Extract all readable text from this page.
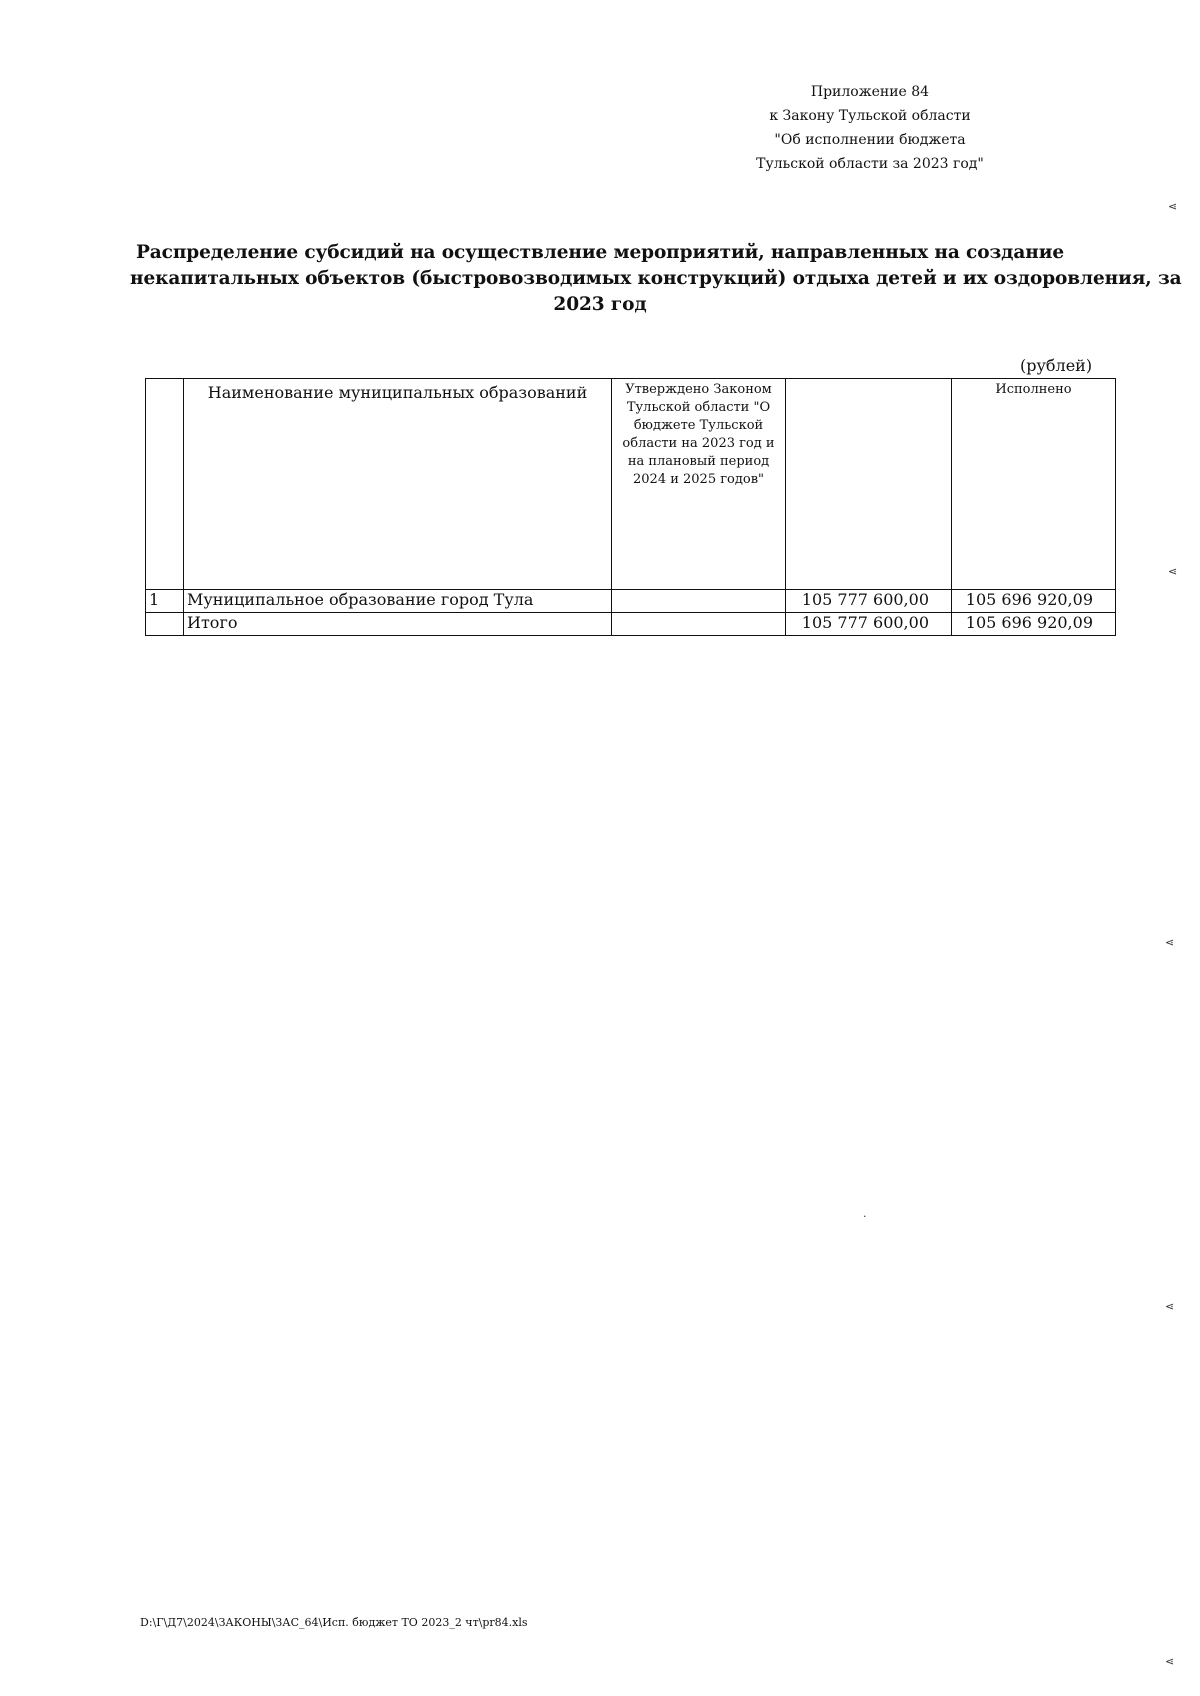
Приложение 84
к Закону Тульской области
"Об исполнении бюджета
Тульской области за 2023 год"
Распределение субсидий на осуществление мероприятий, направленных на создание
некапитальных объектов (быстровозводимых конструкций) отдыха детей и их оздоровления, за
2023 год
(рублей)
	Наименование муниципальных образований	Утверждено Законом Тульской области "О бюджете Тульской области на 2023 год и на плановый период 2024 и 2025 годов"		Исполнено
1	Муниципальное образование город Тула		105 777 600,00	105 696 920,09
	Итого		105 777 600,00	105 696 920,09
D:\Г\Д7\2024\ЗАКОНЫ\ЗАС_64\Исп. бюджет ТО 2023_2 чт\pr84.xls
⋖
⋖
⋖
⋖
⋖
·
